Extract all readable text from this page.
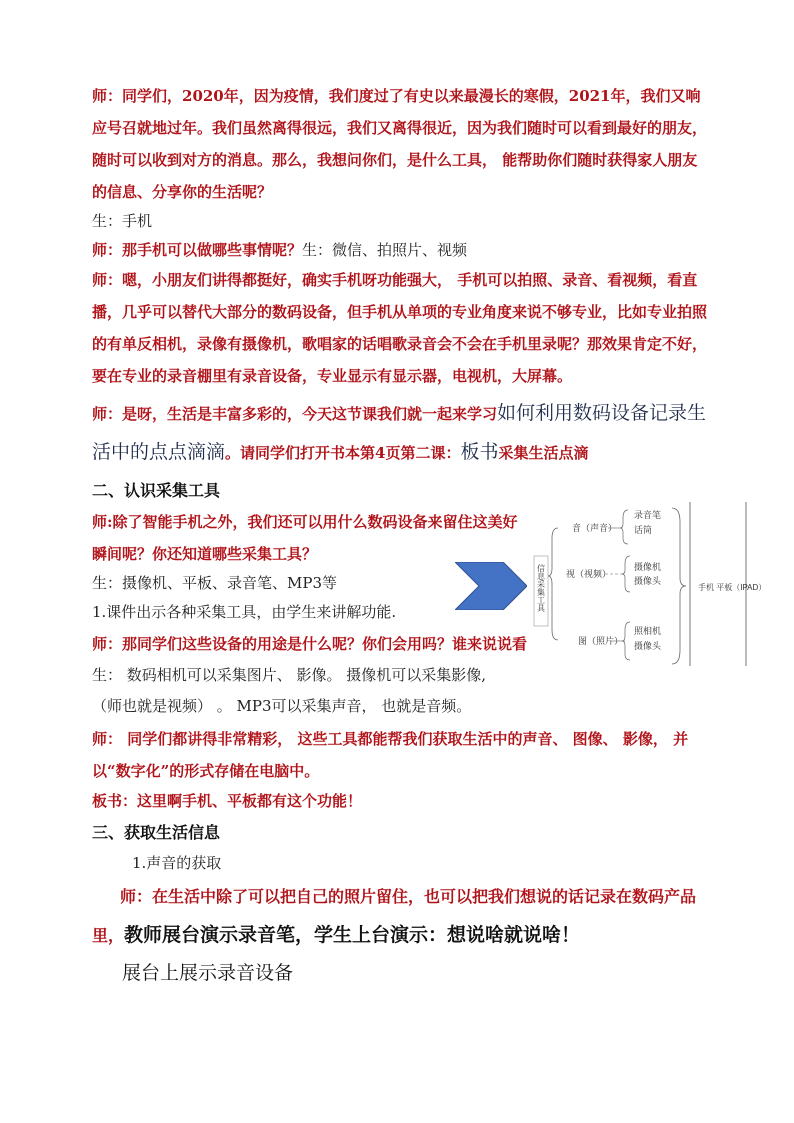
师：同学们，2020年，因为疫情，我们度过了有史以来最漫长的寒假，2021年，我们又响应号召就地过年。我们虽然离得很远，我们又离得很近，因为我们随时可以看到最好的朋友，随时可以收到对方的消息。那么，我想问你们，是什么工具， 能帮助你们随时获得家人朋友的信息、分享你的生活呢？
生：手机
师：那手机可以做哪些事情呢？生：微信、拍照片、视频
师：嗯，小朋友们讲得都挺好，确实手机呀功能强大， 手机可以拍照、录音、看视频，看直播，几乎可以替代大部分的数码设备，但手机从单项的专业角度来说不够专业，比如专业拍照的有单反相机，录像有摄像机，歌唱家的话唱歌录音会不会在手机里录呢？那效果肯定不好，要在专业的录音棚里有录音设备，专业显示有显示器，电视机，大屏幕。
师：是呀，生活是丰富多彩的，今天这节课我们就一起来学习如何利用数码设备记录生活中的点点滴滴。请同学们打开书本第4页第二课：板书采集生活点滴
二、认识采集工具
师:除了智能手机之外，我们还可以用什么数码设备来留住这美好瞬间呢？你还知道哪些采集工具？
生：摄像机、平板、录音笔、MP3等
1.课件出示各种采集工具，由学生来讲解功能.
师：那同学们这些设备的用途是什么呢？你们会用吗？谁来说说看
生： 数码相机可以采集图片、 影像。 摄像机可以采集影像,
（师也就是视频） 。 MP3可以采集声音， 也就是音频。
师： 同学们都讲得非常精彩， 这些工具都能帮我们获取生活中的声音、 图像、 影像， 并以“数字化”的形式存储在电脑中。
板书：这里啊手机、平板都有这个功能！
三、获取生活信息
1.声音的获取
师：在生活中除了可以把自己的照片留住，也可以把我们想说的话记录在数码产品里，教师展台演示录音笔，学生上台演示：想说啥就说啥！
展台上展示录音设备
信息采集工具
音（声音）
视（视频）
图（照片）
录音笔
话筒
摄像机
摄像头
照相机
摄像头
手机 平板（IPAD）
